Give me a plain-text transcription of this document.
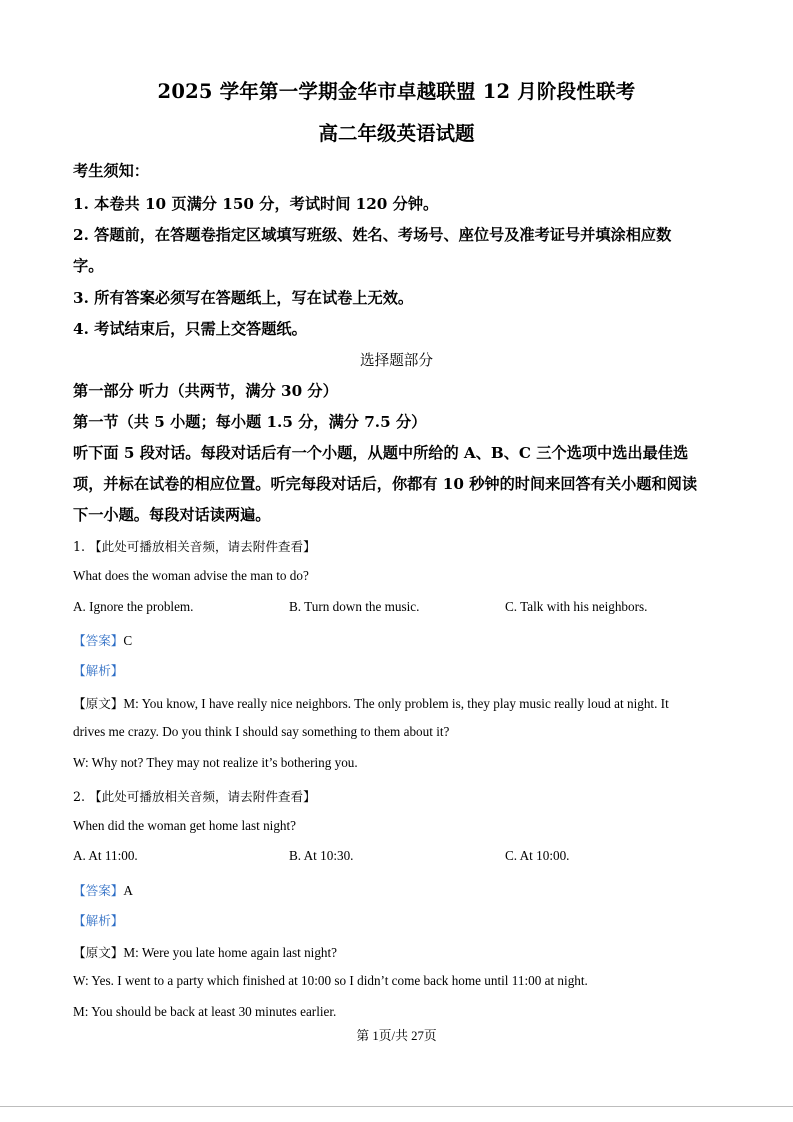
2025 学年第一学期金华市卓越联盟 12 月阶段性联考
高二年级英语试题
考生须知：
1. 本卷共 10 页满分 150 分，考试时间 120 分钟。
2. 答题前，在答题卷指定区域填写班级、姓名、考场号、座位号及准考证号并填涂相应数
字。
3. 所有答案必须写在答题纸上，写在试卷上无效。
4. 考试结束后，只需上交答题纸。
选择题部分
第一部分 听力（共两节，满分 30 分）
第一节（共 5 小题；每小题 1.5 分，满分 7.5 分）
听下面 5 段对话。每段对话后有一个小题，从题中所给的 A、B、C 三个选项中选出最佳选
项，并标在试卷的相应位置。听完每段对话后，你都有 10 秒钟的时间来回答有关小题和阅读
下一小题。每段对话读两遍。
1. 【此处可播放相关音频，请去附件查看】
What does the woman advise the man to do?
A. Ignore the problem.	B. Turn down the music.	C. Talk with his neighbors.
【答案】C
【解析】
【原文】M: You know, I have really nice neighbors. The only problem is, they play music really loud at night. It
drives me crazy. Do you think I should say something to them about it?
W: Why not? They may not realize it’s bothering you.
2. 【此处可播放相关音频，请去附件查看】
When did the woman get home last night?
A. At 11:00.	B. At 10:30.	C. At 10:00.
【答案】A
【解析】
【原文】M: Were you late home again last night?
W: Yes. I went to a party which finished at 10:00 so I didn’t come back home until 11:00 at night.
M: You should be back at least 30 minutes earlier.
第 1页/共 27页
